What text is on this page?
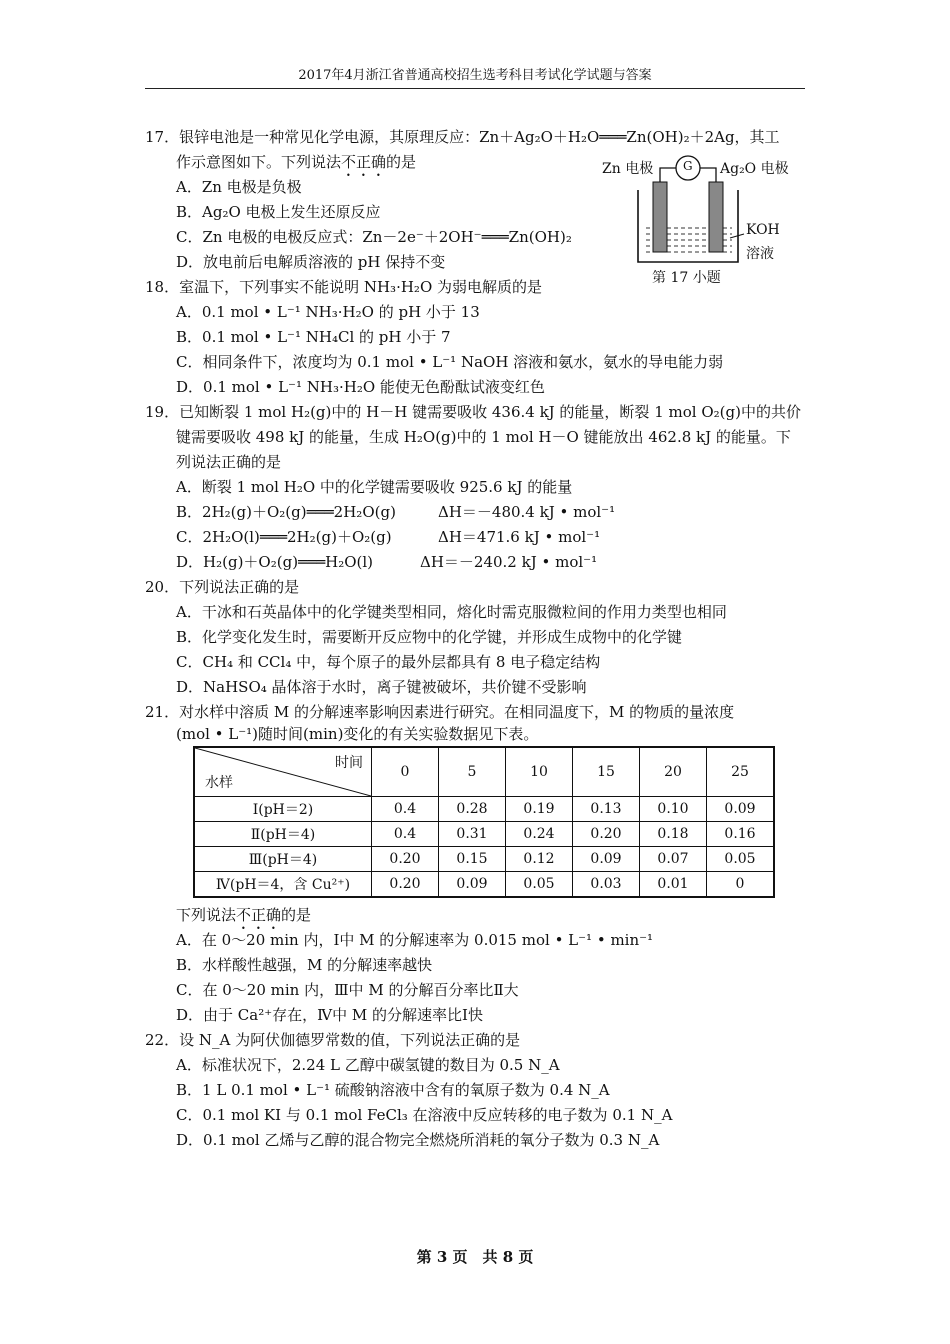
2017年4月浙江省普通高校招生选考科目考试化学试题与答案
17．银锌电池是一种常见化学电源，其原理反应：Zn＋Ag₂O＋H₂O═══Zn(OH)₂＋2Ag，其工
作示意图如下。下列说法不正确的是
A．Zn 电极是负极
B．Ag₂O 电极上发生还原反应
C．Zn 电极的电极反应式：Zn－2e⁻＋2OH⁻═══Zn(OH)₂
D．放电前后电解质溶液的 pH 保持不变
Zn 电极 G Ag₂O 电极
KOH
溶液
第 17 小题
18．室温下，下列事实不能说明 NH₃·H₂O 为弱电解质的是
A．0.1 mol • L⁻¹ NH₃·H₂O 的 pH 小于 13
B．0.1 mol • L⁻¹ NH₄Cl 的 pH 小于 7
C．相同条件下，浓度均为 0.1 mol • L⁻¹ NaOH 溶液和氨水，氨水的导电能力弱
D．0.1 mol • L⁻¹ NH₃·H₂O 能使无色酚酞试液变红色
19．已知断裂 1 mol H₂(g)中的 H－H 键需要吸收 436.4 kJ 的能量，断裂 1 mol O₂(g)中的共价
键需要吸收 498 kJ 的能量，生成 H₂O(g)中的 1 mol H－O 键能放出 462.8 kJ 的能量。下
列说法正确的是
A．断裂 1 mol H₂O 中的化学键需要吸收 925.6 kJ 的能量
B．2H₂(g)＋O₂(g)═══2H₂O(g)	ΔH＝－480.4 kJ • mol⁻¹
C．2H₂O(l)═══2H₂(g)＋O₂(g)	ΔH＝471.6 kJ • mol⁻¹
D．H₂(g)＋O₂(g)═══H₂O(l)	ΔH＝－240.2 kJ • mol⁻¹
20．下列说法正确的是
A．干冰和石英晶体中的化学键类型相同，熔化时需克服微粒间的作用力类型也相同
B．化学变化发生时，需要断开反应物中的化学键，并形成生成物中的化学键
C．CH₄ 和 CCl₄ 中，每个原子的最外层都具有 8 电子稳定结构
D．NaHSO₄ 晶体溶于水时，离子键被破坏，共价键不受影响
21．对水样中溶质 M 的分解速率影响因素进行研究。在相同温度下，M 的物质的量浓度
(mol • L⁻¹)随时间(min)变化的有关实验数据见下表。
时间
水样	0	5	10	15	20	25
Ⅰ(pH＝2)	0.4	0.28	0.19	0.13	0.10	0.09
Ⅱ(pH＝4)	0.4	0.31	0.24	0.20	0.18	0.16
Ⅲ(pH＝4)	0.20	0.15	0.12	0.09	0.07	0.05
Ⅳ(pH＝4，含 Cu²⁺)	0.20	0.09	0.05	0.03	0.01	0
下列说法不正确的是
A．在 0～20 min 内，Ⅰ中 M 的分解速率为 0.015 mol • L⁻¹ • min⁻¹
B．水样酸性越强，M 的分解速率越快
C．在 0～20 min 内，Ⅲ中 M 的分解百分率比Ⅱ大
D．由于 Ca²⁺存在，Ⅳ中 M 的分解速率比Ⅰ快
22．设 N_A 为阿伏伽德罗常数的值，下列说法正确的是
A．标准状况下，2.24 L 乙醇中碳氢键的数目为 0.5 N_A
B．1 L 0.1 mol • L⁻¹ 硫酸钠溶液中含有的氧原子数为 0.4 N_A
C．0.1 mol KI 与 0.1 mol FeCl₃ 在溶液中反应转移的电子数为 0.1 N_A
D．0.1 mol 乙烯与乙醇的混合物完全燃烧所消耗的氧分子数为 0.3 N_A
第 3 页　共 8 页
